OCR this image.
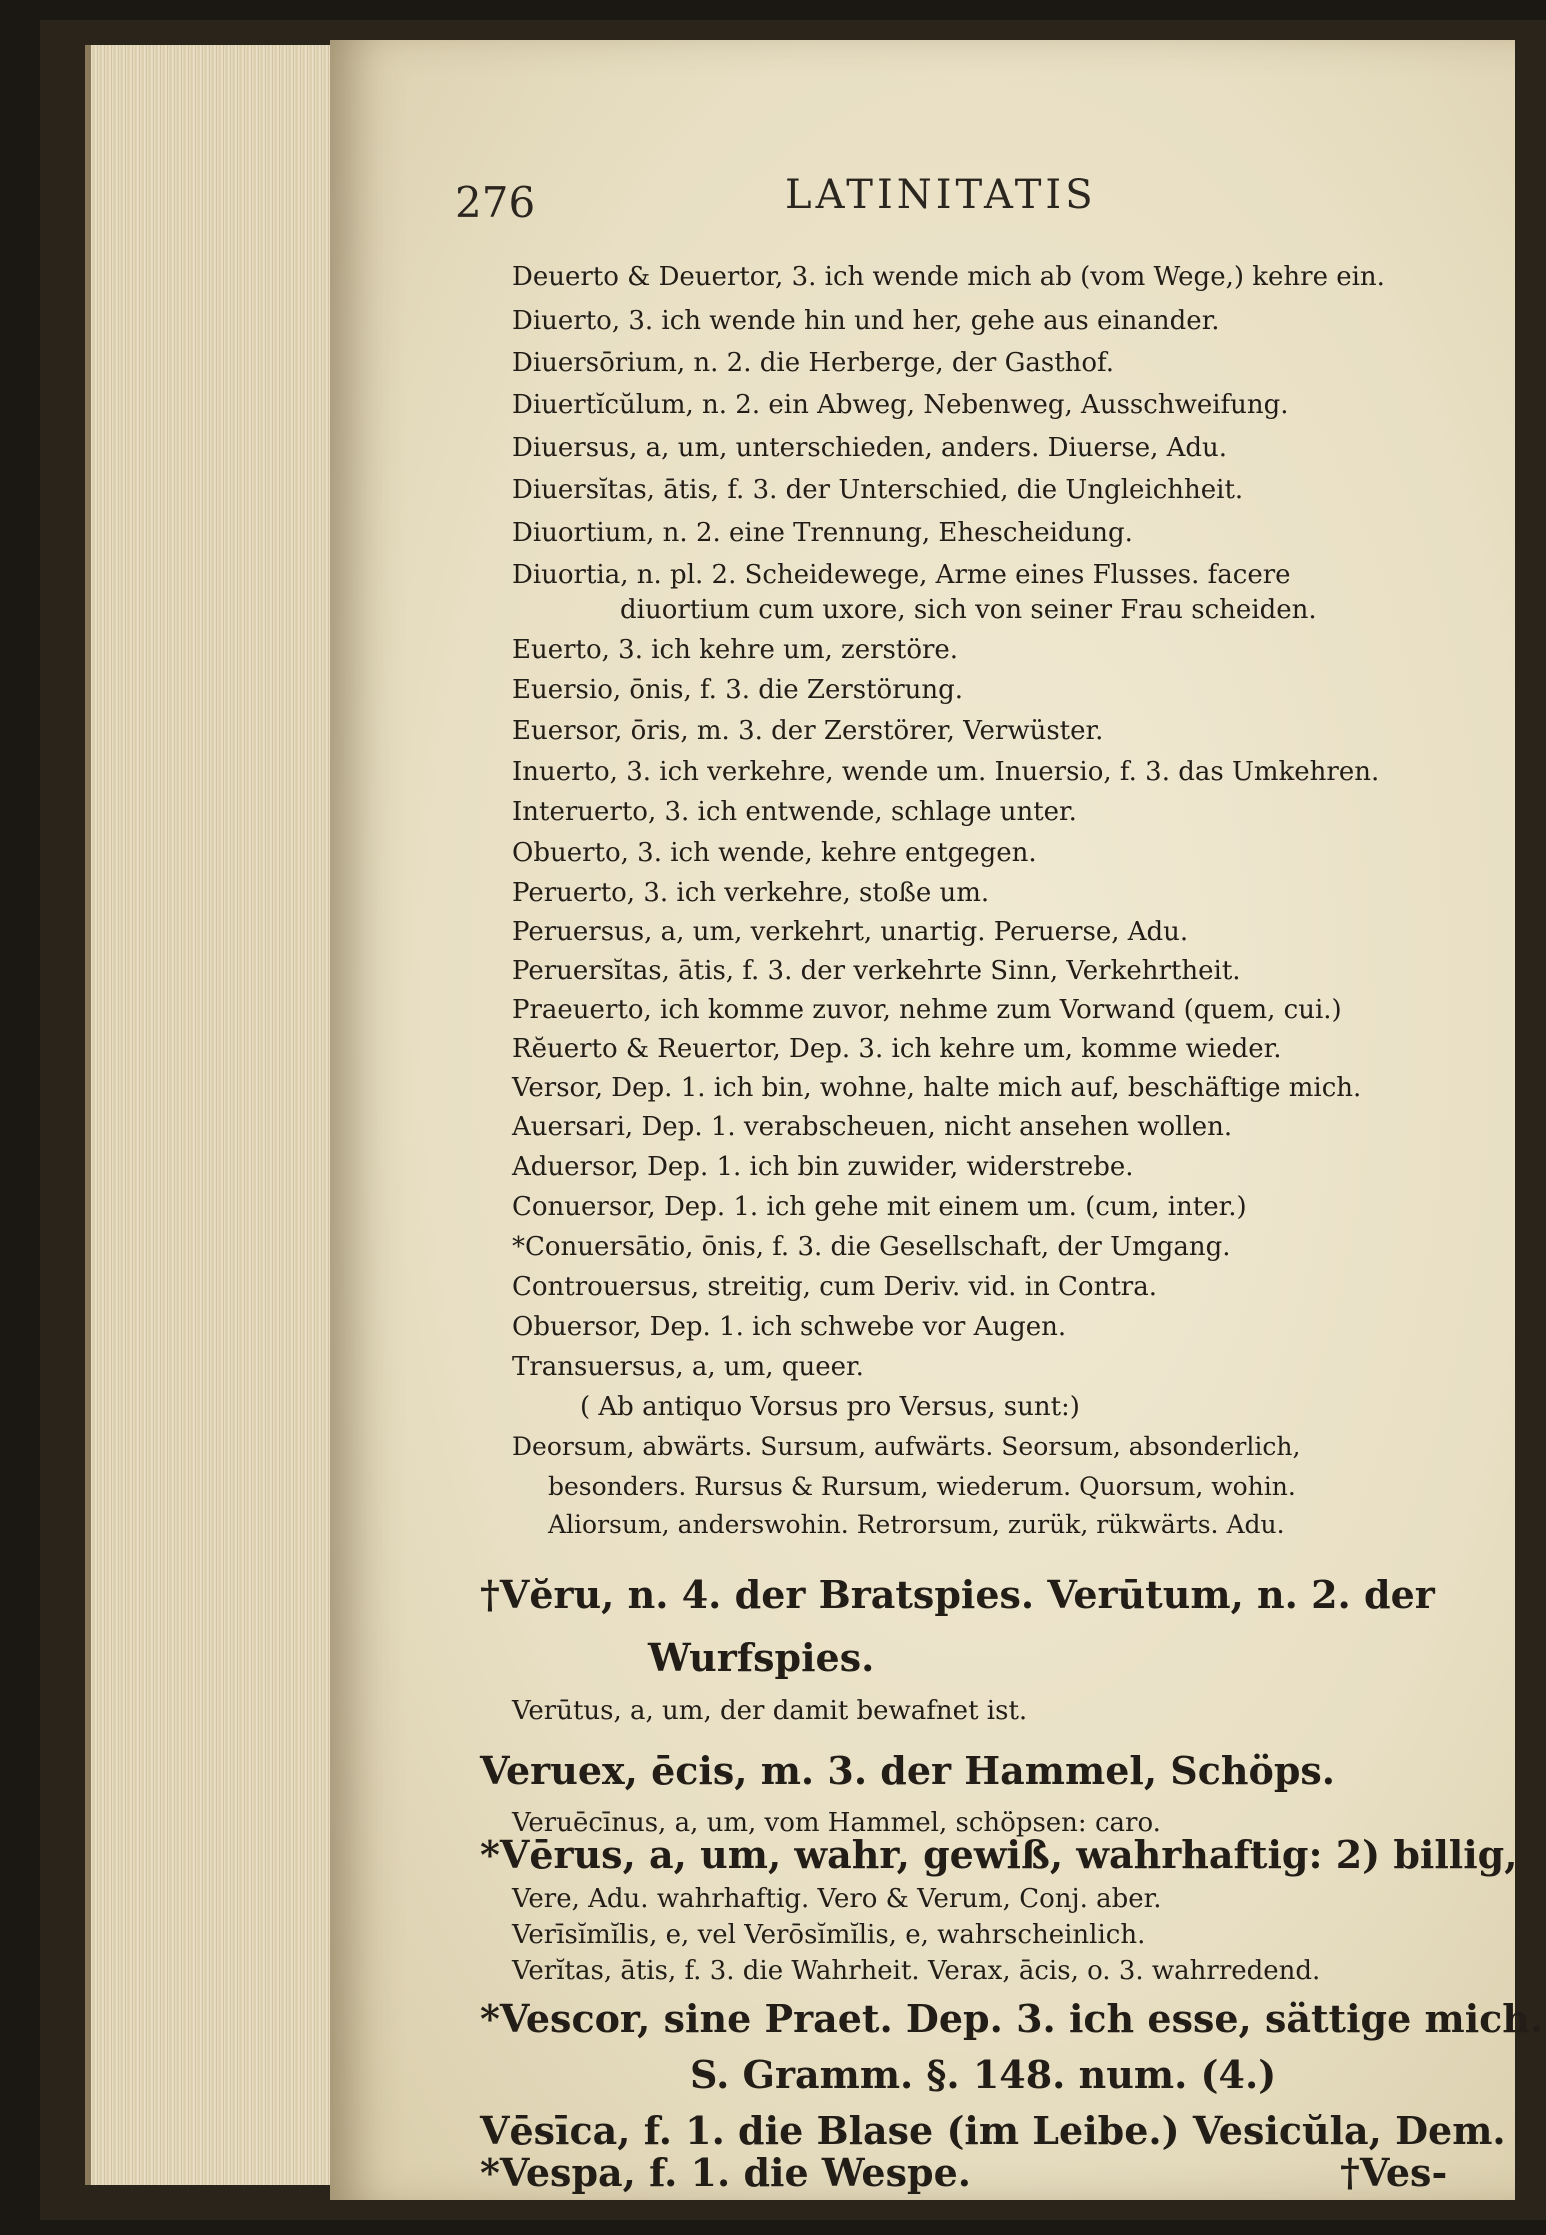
276	LATINITATIS
Deuerto & Deuertor, 3. ich wende mich ab (vom Wege,) kehre ein.
Diuerto, 3. ich wende hin und her, gehe aus einander.
Diuersōrium, n. 2. die Herberge, der Gasthof.
Diuertĭcŭlum, n. 2. ein Abweg, Nebenweg, Ausschweifung.
Diuersus, a, um, unterschieden, anders. Diuerse, Adu.
Diuersĭtas, ātis, f. 3. der Unterschied, die Ungleichheit.
Diuortium, n. 2. eine Trennung, Ehescheidung.
Diuortia, n. pl. 2. Scheidewege, Arme eines Flusses. facere
diuortium cum uxore, sich von seiner Frau scheiden.
Euerto, 3. ich kehre um, zerstöre.
Euersio, ōnis, f. 3. die Zerstörung.
Euersor, ōris, m. 3. der Zerstörer, Verwüster.
Inuerto, 3. ich verkehre, wende um. Inuersio, f. 3. das Umkehren.
Interuerto, 3. ich entwende, schlage unter.
Obuerto, 3. ich wende, kehre entgegen.
Peruerto, 3. ich verkehre, stoße um.
Peruersus, a, um, verkehrt, unartig. Peruerse, Adu.
Peruersĭtas, ātis, f. 3. der verkehrte Sinn, Verkehrtheit.
Praeuerto, ich komme zuvor, nehme zum Vorwand (quem, cui.)
Rĕuerto & Reuertor, Dep. 3. ich kehre um, komme wieder.
Versor, Dep. 1. ich bin, wohne, halte mich auf, beschäftige mich.
Auersari, Dep. 1. verabscheuen, nicht ansehen wollen.
Aduersor, Dep. 1. ich bin zuwider, widerstrebe.
Conuersor, Dep. 1. ich gehe mit einem um. (cum, inter.)
*Conuersātio, ōnis, f. 3. die Gesellschaft, der Umgang.
Controuersus, streitig, cum Deriv. vid. in Contra.
Obuersor, Dep. 1. ich schwebe vor Augen.
Transuersus, a, um, queer.
( Ab antiquo Vorsus pro Versus, sunt:)
Deorsum, abwärts. Sursum, aufwärts. Seorsum, absonderlich,
besonders. Rursus & Rursum, wiederum. Quorsum, wohin.
Aliorsum, anderswohin. Retrorsum, zurük, rükwärts. Adu.
†Vĕru, n. 4. der Bratspies. Verūtum, n. 2. der
Wurfspies.
Verūtus, a, um, der damit bewafnet ist.
Veruex, ēcis, m. 3. der Hammel, Schöps.
Veruēcīnus, a, um, vom Hammel, schöpsen: caro.
*Vērus, a, um, wahr, gewiß, wahrhaftig: 2) billig,
Vere, Adu. wahrhaftig. Vero & Verum, Conj. aber.
Verīsĭmĭlis, e, vel Verōsĭmĭlis, e, wahrscheinlich.
Verĭtas, ātis, f. 3. die Wahrheit. Verax, ācis, o. 3. wahrredend.
*Vescor, sine Praet. Dep. 3. ich esse, sättige mich.
S. Gramm. §. 148. num. (4.)
Vēsīca, f. 1. die Blase (im Leibe.) Vesicŭla, Dem.
*Vespa, f. 1. die Wespe.	†Ves-
